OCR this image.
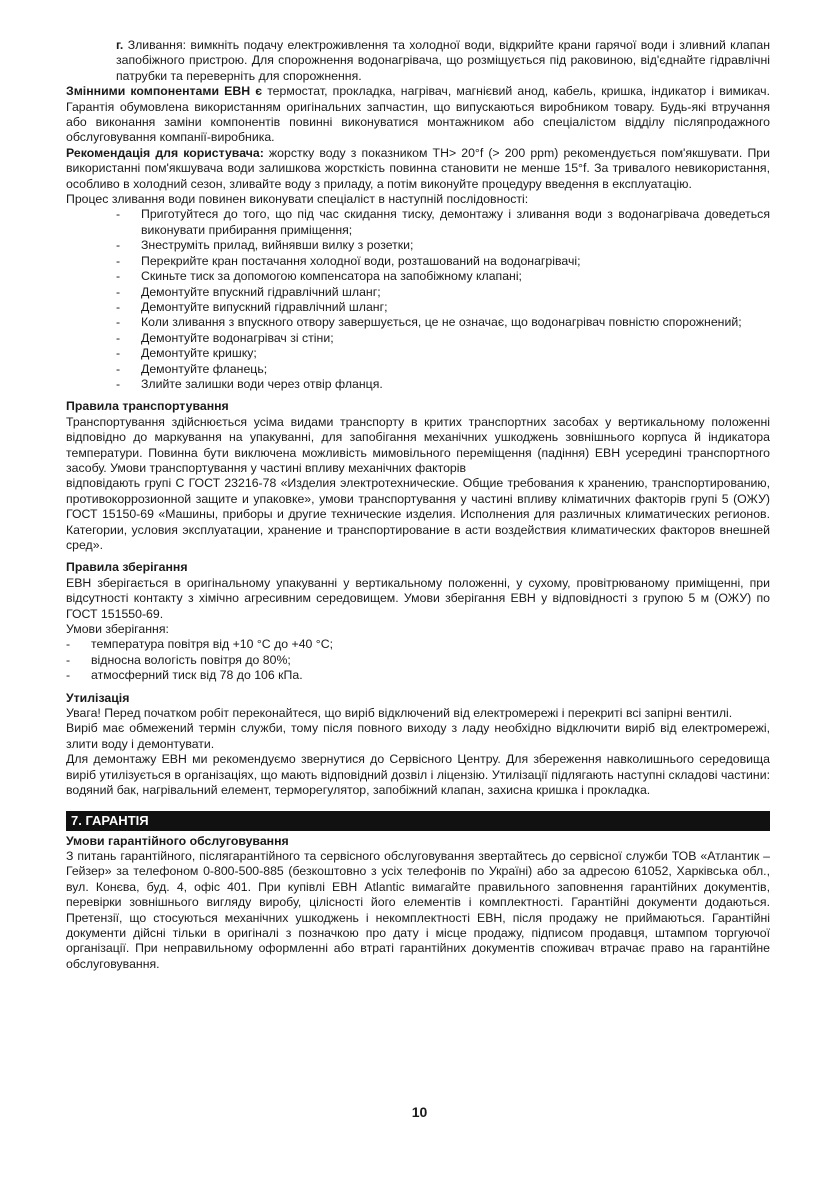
г. Зливання: вимкніть подачу електроживлення та холодної води, відкрийте крани гарячої води і зливний клапан запобіжного пристрою. Для спорожнення водонагрівача, що розміщується під раковиною, від'єднайте гідравлічні патрубки та переверніть для спорожнення.

Змінними компонентами ЕВН є термостат, прокладка, нагрівач, магнієвий анод, кабель, кришка, індикатор і вимикач. Гарантія обумовлена використанням оригінальних запчастин, що випускаються виробником товару. Будь-які втручання або виконання заміни компонентів повинні виконуватися монтажником або спеціалістом відділу післяпродажного обслуговування компанії-виробника.

Рекомендація для користувача: жорстку воду з показником TH> 20°f (> 200 ppm) рекомендується пом'якшувати. При використанні пом'якшувача води залишкова жорсткість повинна становити не менше 15°f. За тривалого невикористання, особливо в холодний сезон, зливайте воду з приладу, а потім виконуйте процедуру введення в експлуатацію.

Процес зливання води повинен виконувати спеціаліст в наступній послідовності:

- Приготуйтеся до того, що під час скидання тиску, демонтажу і зливання води з водонагрівача доведеться виконувати прибирання приміщення;
- Знеструміть прилад, вийнявши вилку з розетки;
- Перекрийте кран постачання холодної води, розташований на водонагрівачі;
- Скиньте тиск за допомогою компенсатора на запобіжному клапані;
- Демонтуйте впускний гідравлічний шланг;
- Демонтуйте випускний гідравлічний шланг;
- Коли зливання з впускного отвору завершується, це не означає, що водонагрівач повністю спорожнений;
- Демонтуйте водонагрівач зі стіни;
- Демонтуйте кришку;
- Демонтуйте фланець;
- Злийте залишки води через отвір фланця.
Правила транспортування

Транспортування здійснюється усіма видами транспорту в критих транспортних засобах у вертикальному положенні відповідно до маркування на упакуванні, для запобігання механічних ушкоджень зовнішнього корпуса й індикатора температури. Повинна бути виключена можливість мимовільного переміщення (падіння) ЕВН усередині транспортного засобу. Умови транспортування у частині впливу механічних факторів

відповідають групі С ГОСТ 23216-78 «Изделия электротехнические. Общие требования к хранению, транспортированию, противокоррозионной защите и упаковке», умови транспортування у частині впливу кліматичних факторів групі 5 (ОЖУ) ГОСТ 15150-69 «Машины, приборы и другие технические изделия. Исполнения для различных климатических регионов. Категории, условия эксплуатации, хранение и транспортирование в асти воздействия климатических факторов внешней сред».

Правила зберігання

ЕВН зберігається в оригінальному упакуванні у вертикальному положенні, у сухому, провітрюваному приміщенні, при відсутності контакту з хімічно агресивним середовищем. Умови зберігання ЕВН у відповідності з групою 5 м (ОЖУ) по ГОСТ 151550-69.

Умови зберігання:

- температура повітря від +10 °С до +40 °С;
- відносна вологість повітря до 80%;
- атмосферний тиск від 78 до 106 кПа.
Утилізація

Увага! Перед початком робіт переконайтеся, що виріб відключений від електромережі і перекриті всі запірні вентилі.

Виріб має обмежений термін служби, тому після повного виходу з ладу необхідно відключити виріб від електромережі, злити воду і демонтувати.

Для демонтажу ЕВН ми рекомендуємо звернутися до Сервісного Центру. Для збереження навколишнього середовища виріб утилізується в організаціях, що мають відповідний дозвіл і ліцензію. Утилізації підлягають наступні складові частини: водяний бак, нагрівальний елемент, терморегулятор, запобіжний клапан, захисна кришка і прокладка.

7. ГАРАНТІЯ
Умови гарантійного обслуговування

З питань гарантійного, післягарантійного та сервісного обслуговування звертайтесь до сервісної служби ТОВ «Атлантик – Гейзер» за телефоном 0-800-500-885 (безкоштовно з усіх телефонів по Україні) або за адресою 61052, Харківська обл., вул. Конєва, буд. 4, офіс 401. При купівлі ЕВН Atlantic вимагайте правильного заповнення гарантійних документів, перевірки зовнішнього вигляду виробу, цілісності його елементів і комплектності. Гарантійні документи додаються. Претензії, що стосуються механічних ушкоджень і некомплектності ЕВН, після продажу не приймаються. Гарантійні документи дійсні тільки в оригіналі з позначкою про дату і місце продажу, підписом продавця, штампом торгуючої організації. При неправильному оформленні або втраті гарантійних документів споживач втрачає право на гарантійне обслуговування.

10
